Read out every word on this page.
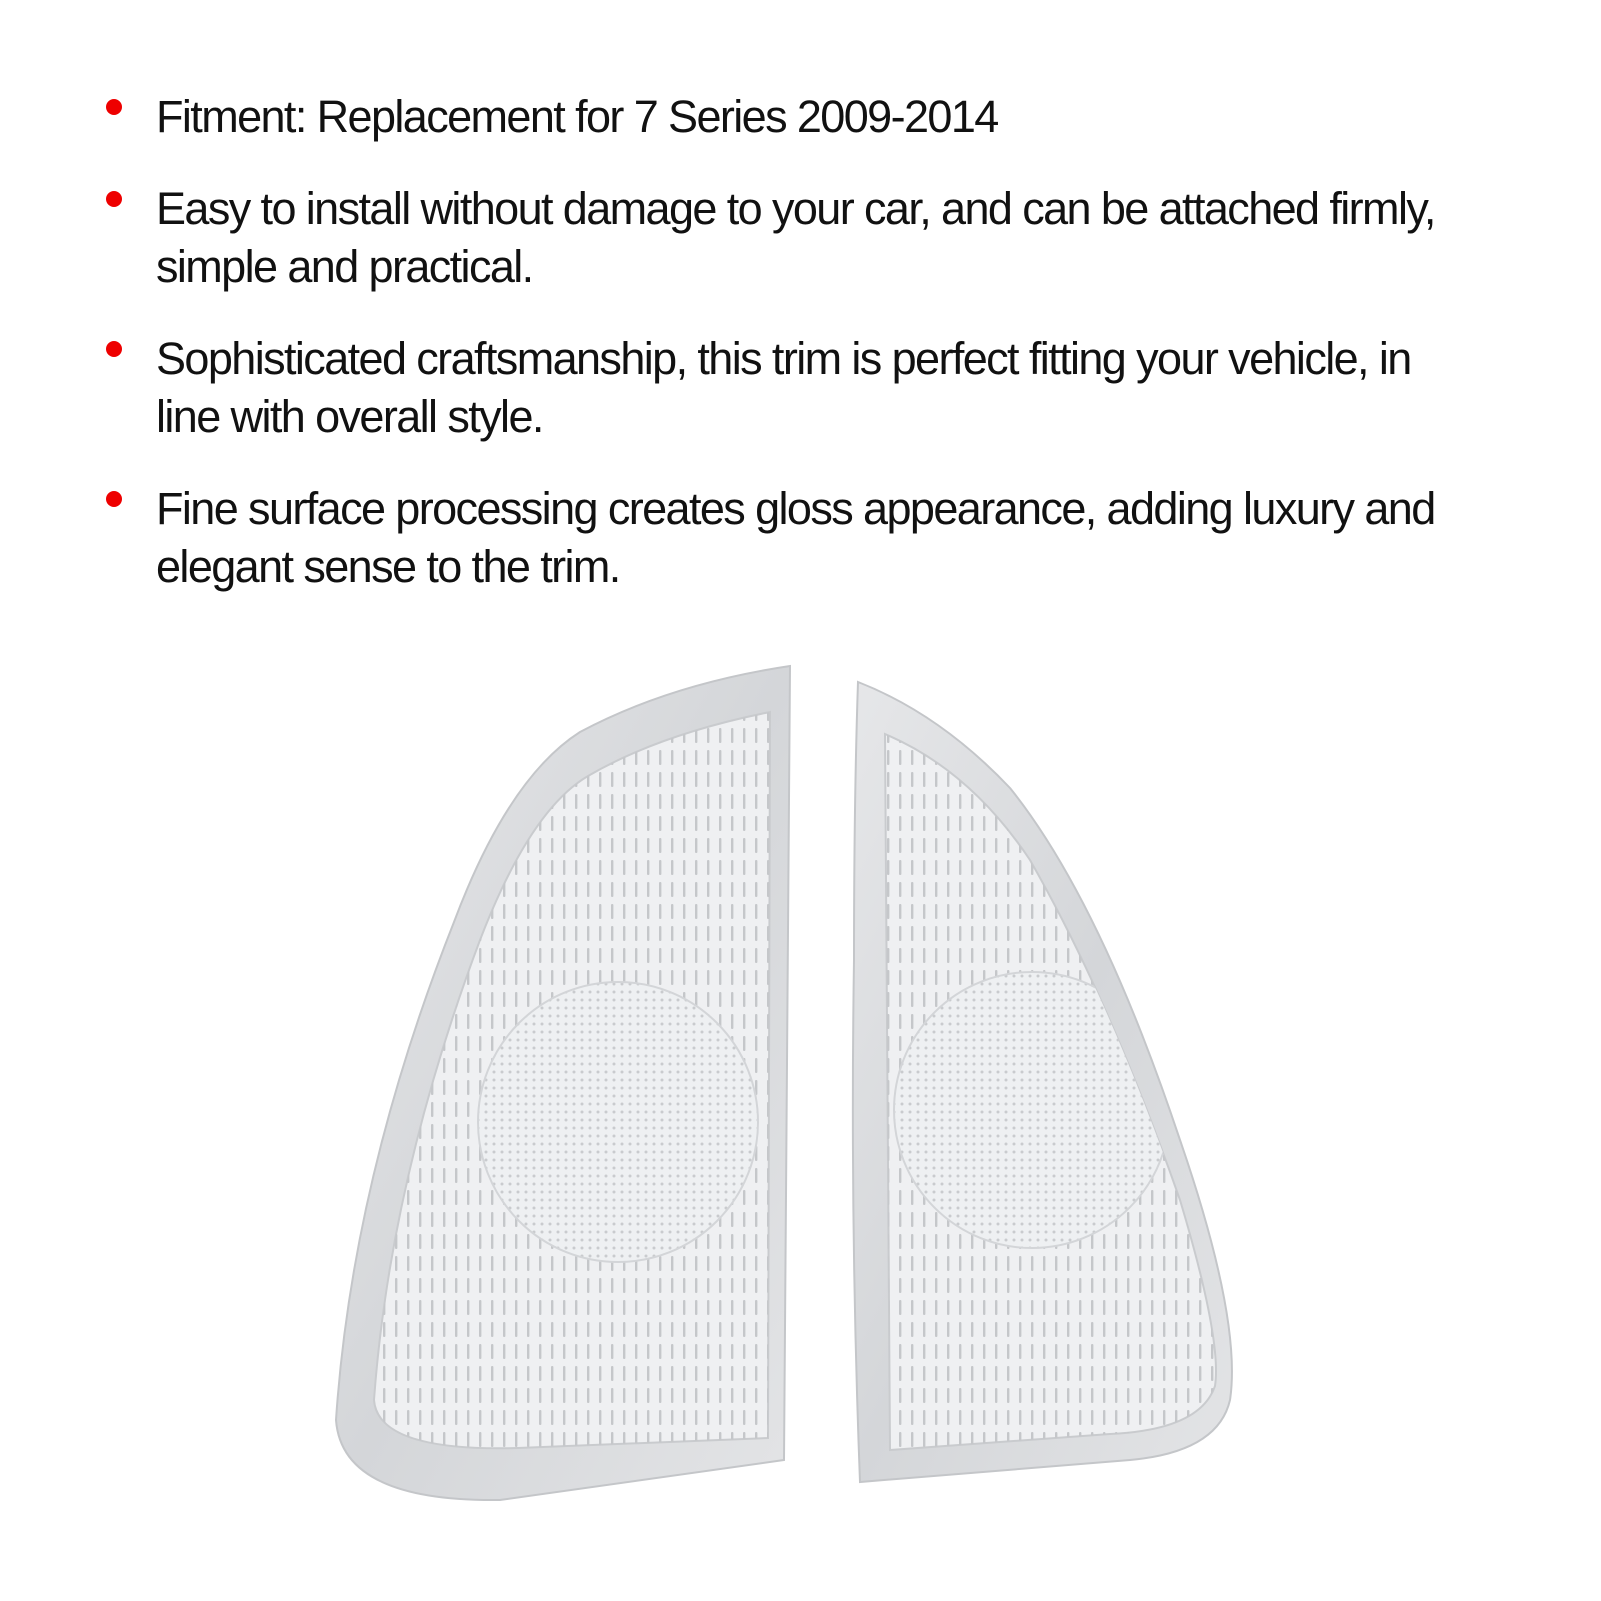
Fitment: Replacement for 7 Series 2009-2014
Easy to install without damage to your car, and can be attached firmly, simple and practical.
Sophisticated craftsmanship, this trim is perfect fitting your vehicle, in line with overall style.
Fine surface processing creates gloss appearance, adding luxury and elegant sense to the trim.
